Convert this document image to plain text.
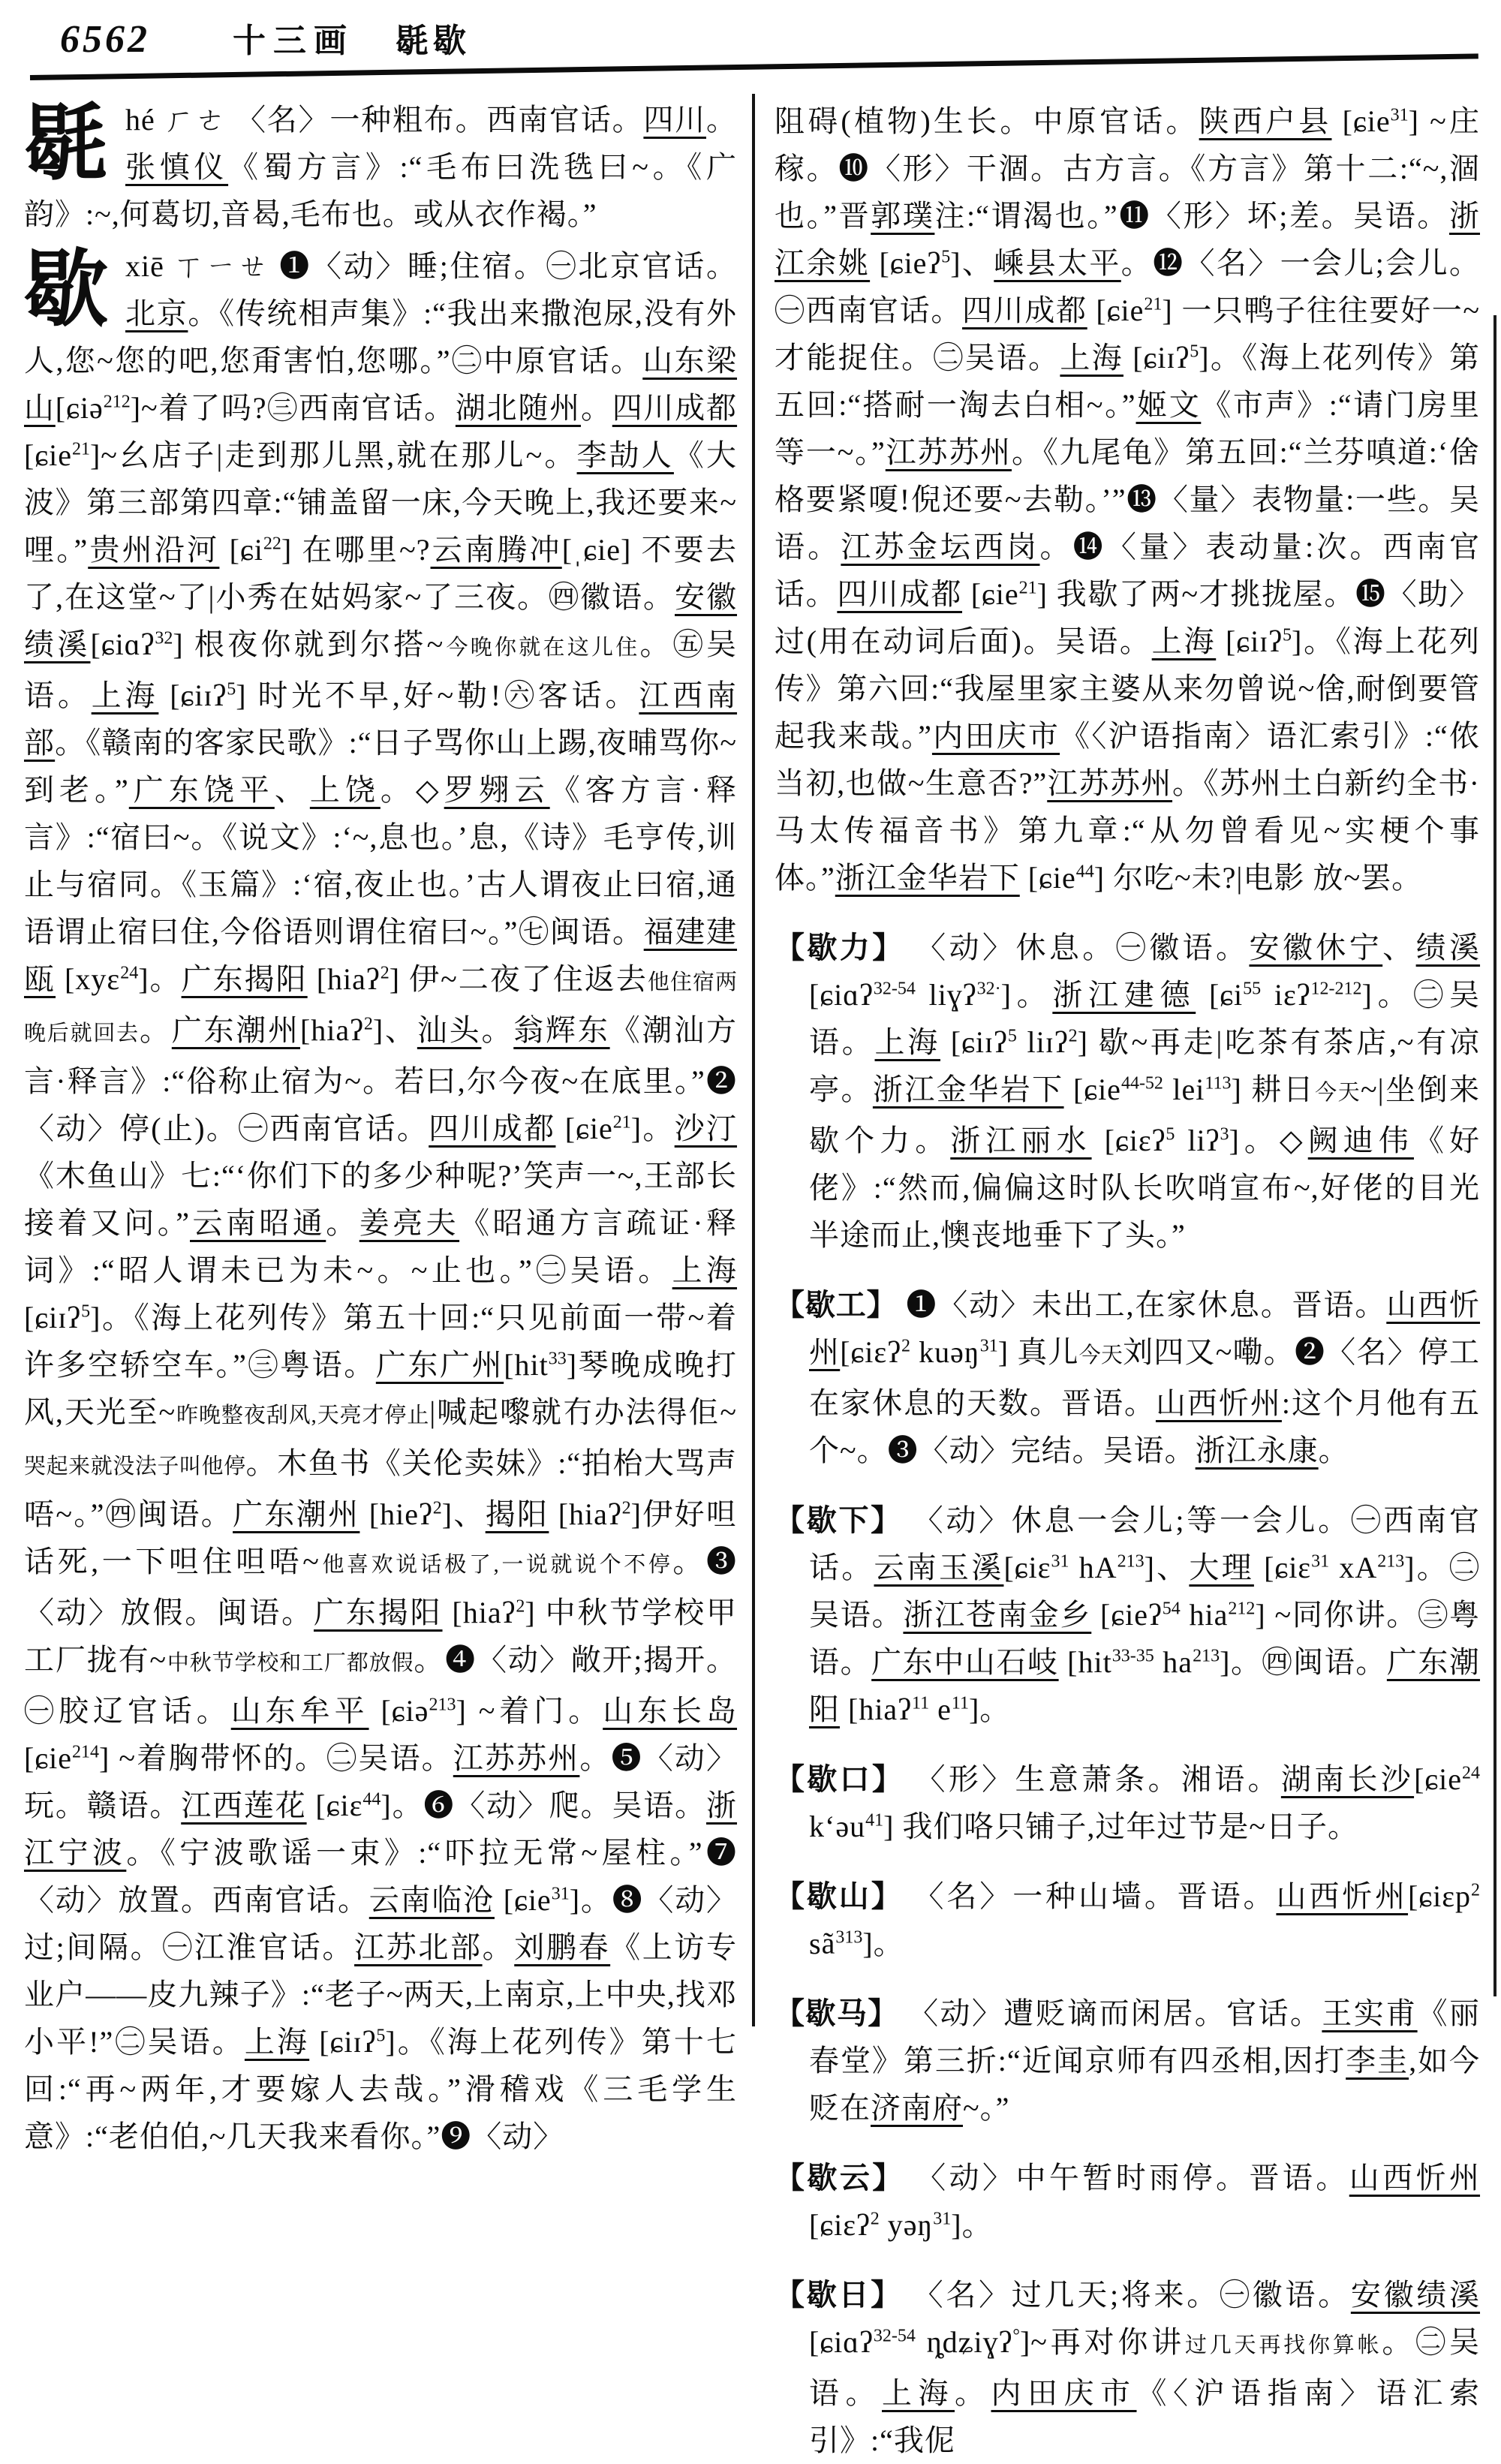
6562	十三画 毼歇
毼hé ㄏㄜ 〈名〉一种粗布。西南官话。四川。张慎仪《蜀方言》:“毛布曰洗毨曰~。《广韵》:~,何葛切,音曷,毛布也。或从衣作褐。”
歇xiē ㄒㄧㄝ ❶〈动〉睡;住宿。㊀北京官话。北京。《传统相声集》:“我出来撒泡尿,没有外人,您~您的吧,您甭害怕,您哪。”㊁中原官话。山东梁山[ɕiə$^{212}$]~着了吗?㊂西南官话。湖北随州。四川成都[ɕie$^{21}$]~幺店子|走到那儿黑,就在那儿~。李劼人《大波》第三部第四章:“铺盖留一床,今天晚上,我还要来~哩。”贵州沿河 [ɕi$^{22}$] 在哪里~?云南腾冲[ˌɕie] 不要去了,在这堂~了|小秀在姑妈家~了三夜。㊃徽语。安徽绩溪[ɕiɑʔ$^{32}$] 根夜你就到尔搭~今晚你就在这儿住。㊄吴语。上海 [ɕiɪʔ$^5$] 时光不早,好~勒!㊅客话。江西南部。《赣南的客家民歌》:“日子骂你山上踢,夜晡骂你~到老。”广东饶平、上饶。◇罗翙云《客方言·释言》:“宿曰~。《说文》:‘~,息也。’息,《诗》毛亨传,训止与宿同。《玉篇》:‘宿,夜止也。’古人谓夜止曰宿,通语谓止宿曰住,今俗语则谓住宿曰~。”㊆闽语。福建建瓯 [xyɛ$^{24}$]。广东揭阳 [hiaʔ$^2$] 伊~二夜了住返去他住宿两晚后就回去。广东潮州[hiaʔ$^2$]、汕头。翁辉东《潮汕方言·释言》:“俗称止宿为~。若曰,尔今夜~在底里。”❷〈动〉停(止)。㊀西南官话。四川成都 [ɕie$^{21}$]。沙汀《木鱼山》七:“‘你们下的多少种呢?’笑声一~,王部长接着又问。”云南昭通。姜亮夫《昭通方言疏证·释词》:“昭人谓未已为未~。~止也。”㊁吴语。上海 [ɕiɪʔ$^5$]。《海上花列传》第五十回:“只见前面一带~着许多空轿空车。”㊂粤语。广东广州[hit$^{33}$]琴晚成晚打风,天光至~昨晚整夜刮风,天亮才停止|喊起嚟就冇办法得佢~哭起来就没法子叫他停。木鱼书《关伦卖妹》:“拍枱大骂声唔~。”㊃闽语。广东潮州 [hieʔ$^2$]、揭阳 [hiaʔ$^2$]伊好呾话死,一下呾住呾唔~他喜欢说话极了,一说就说个不停。❸〈动〉放假。闽语。广东揭阳 [hiaʔ$^2$] 中秋节学校甲工厂拢有~中秋节学校和工厂都放假。❹〈动〉敞开;揭开。㊀胶辽官话。山东牟平 [ɕiə$^{213}$] ~着门。山东长岛[ɕie$^{214}$] ~着胸带怀的。㊁吴语。江苏苏州。❺〈动〉玩。赣语。江西莲花 [ɕiɛ$^{44}$]。❻〈动〉爬。吴语。浙江宁波。《宁波歌谣一束》:“吓拉无常~屋柱。”❼〈动〉放置。西南官话。云南临沧 [ɕie$^{31}$]。❽〈动〉过;间隔。㊀江淮官话。江苏北部。刘鹏春《上访专业户——皮九辣子》:“老子~两天,上南京,上中央,找邓小平!”㊁吴语。上海 [ɕiɪʔ$^5$]。《海上花列传》第十七回:“再~两年,才要嫁人去哉。”滑稽戏《三毛学生意》:“老伯伯,~几天我来看你。”❾〈动〉
阻碍(植物)生长。中原官话。陕西户县 [ɕie$^{31}$] ~庄稼。❿〈形〉干涸。古方言。《方言》第十二:“~,涸也。”晋郭璞注:“谓渴也。”⓫〈形〉坏;差。吴语。浙江余姚 [ɕieʔ$^5$]、嵊县太平。⓬〈名〉一会儿;会儿。㊀西南官话。四川成都 [ɕie$^{21}$] 一只鸭子往往要好一~才能捉住。㊁吴语。上海 [ɕiɪʔ$^5$]。《海上花列传》第五回:“搭耐一淘去白相~。”姬文《市声》:“请门房里等一~。”江苏苏州。《九尾龟》第五回:“兰芬嗔道:‘倽格要紧嗄!倪还要~去勒。’”⓭〈量〉表物量:一些。吴语。江苏金坛西岗。⓮〈量〉表动量:次。西南官话。四川成都 [ɕie$^{21}$] 我歇了两~才挑拢屋。⓯〈助〉过(用在动词后面)。吴语。上海 [ɕiɪʔ$^5$]。《海上花列传》第六回:“我屋里家主婆从来勿曾说~倽,耐倒要管起我来哉。”内田庆市《〈沪语指南〉语汇索引》:“侬当初,也做~生意否?”江苏苏州。《苏州土白新约全书·马太传福音书》第九章:“从勿曾看见~实梗个事体。”浙江金华岩下 [ɕie$^{44}$] 尔吃~未?|电影 放~罢。
【歇力】 〈动〉休息。㊀徽语。安徽休宁、绩溪[ɕiɑʔ$^{32-54}$ liɣʔ$^{32\cdot}$]。浙江建德 [ɕi$^{55}$ iɛʔ$^{12-212}$]。㊁吴语。上海 [ɕiɪʔ$^5$ liɪʔ$^2$] 歇~再走|吃茶有茶店,~有凉亭。浙江金华岩下 [ɕie$^{44-52}$ lei$^{113}$] 耕日今天~|坐倒来歇个力。浙江丽水 [ɕiɛʔ$^5$ liʔ$^3$]。◇阙迪伟《好佬》:“然而,偏偏这时队长吹哨宣布~,好佬的目光半途而止,懊丧地垂下了头。”
【歇工】 ❶〈动〉未出工,在家休息。晋语。山西忻州[ɕiɛʔ$^2$ kuəŋ$^{31}$] 真儿今天刘四又~嘞。❷〈名〉停工在家休息的天数。晋语。山西忻州:这个月他有五个~。❸〈动〉完结。吴语。浙江永康。
【歇下】 〈动〉休息一会儿;等一会儿。㊀西南官话。云南玉溪[ɕiɛ$^{31}$ $hA^{213}$]、大理 [ɕiɛ$^{31}$ $xA^{213}$]。㊁吴语。浙江苍南金乡 [ɕieʔ$^{54}$ hia$^{212}$] ~同你讲。㊂粤语。广东中山石岐 [hit$^{33-35}$ $ha^{213}$]。㊃闽语。广东潮阳 [hiaʔ$^{11}$ $e^{11}$]。
【歇口】 〈形〉生意萧条。湘语。湖南长沙[ɕie$^{24}$ kʻəu$^{41}$] 我们咯只铺子,过年过节是~日子。
【歇山】 〈名〉一种山墙。晋语。山西忻州[ɕiɛp$^2$ $sã^{313}$]。
【歇马】 〈动〉遭贬谪而闲居。官话。王实甫《丽春堂》第三折:“近闻京师有四丞相,因打李圭,如今贬在济南府~。”
【歇云】 〈动〉中午暂时雨停。晋语。山西忻州 [ɕiɛʔ$^2$ yəŋ$^{31}$]。
【歇日】 〈名〉过几天;将来。㊀徽语。安徽绩溪[ɕiɑʔ$^{32-54}$ ȵdʑiɣʔ°]~再对你讲过几天再找你算帐。㊁吴语。上海。内田庆市《〈沪语指南〉语汇索引》:“我伲
